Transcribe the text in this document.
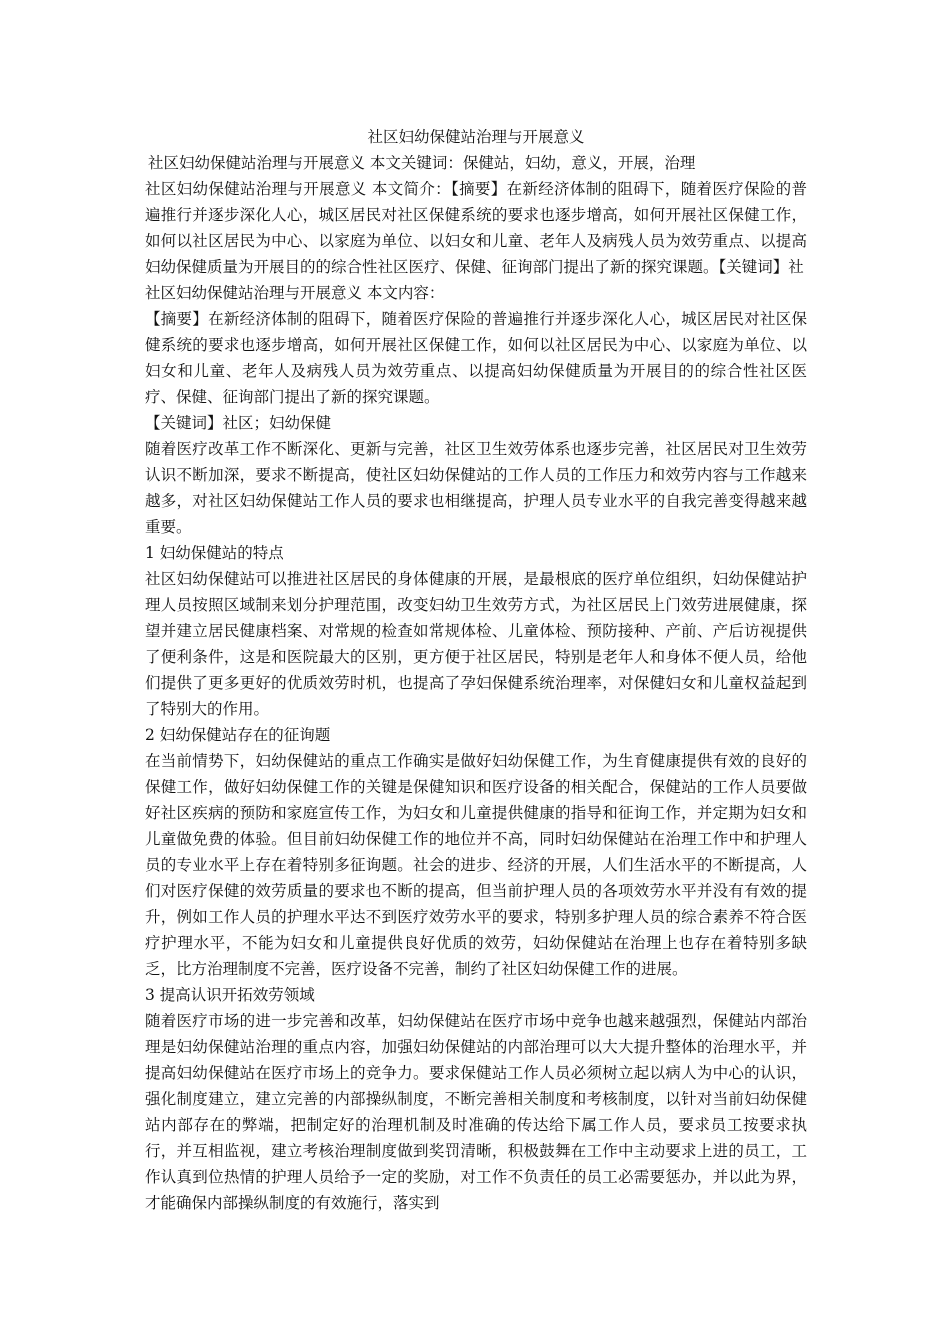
社区妇幼保健站治理与开展意义

社区妇幼保健站治理与开展意义 本文关键词：保健站，妇幼，意义，开展，治理

社区妇幼保健站治理与开展意义 本文简介：【摘要】在新经济体制的阻碍下，随着医疗保险的普遍推行并逐步深化人心，城区居民对社区保健系统的要求也逐步增高，如何开展社区保健工作，如何以社区居民为中心、以家庭为单位、以妇女和儿童、老年人及病残人员为效劳重点、以提高妇幼保健质量为开展目的的综合性社区医疗、保健、征询部门提出了新的探究课题。【关键词】社

社区妇幼保健站治理与开展意义 本文内容：

【摘要】在新经济体制的阻碍下，随着医疗保险的普遍推行并逐步深化人心，城区居民对社区保健系统的要求也逐步增高，如何开展社区保健工作，如何以社区居民为中心、以家庭为单位、以妇女和儿童、老年人及病残人员为效劳重点、以提高妇幼保健质量为开展目的的综合性社区医疗、保健、征询部门提出了新的探究课题。

【关键词】社区；妇幼保健

随着医疗改革工作不断深化、更新与完善，社区卫生效劳体系也逐步完善，社区居民对卫生效劳认识不断加深，要求不断提高，使社区妇幼保健站的工作人员的工作压力和效劳内容与工作越来越多，对社区妇幼保健站工作人员的要求也相继提高，护理人员专业水平的自我完善变得越来越重要。

1 妇幼保健站的特点

社区妇幼保健站可以推进社区居民的身体健康的开展，是最根底的医疗单位组织，妇幼保健站护理人员按照区域制来划分护理范围，改变妇幼卫生效劳方式，为社区居民上门效劳进展健康，探望并建立居民健康档案、对常规的检查如常规体检、儿童体检、预防接种、产前、产后访视提供了便利条件，这是和医院最大的区别，更方便于社区居民，特别是老年人和身体不便人员，给他们提供了更多更好的优质效劳时机，也提高了孕妇保健系统治理率，对保健妇女和儿童权益起到了特别大的作用。

2 妇幼保健站存在的征询题

在当前情势下，妇幼保健站的重点工作确实是做好妇幼保健工作，为生育健康提供有效的良好的保健工作，做好妇幼保健工作的关键是保健知识和医疗设备的相关配合，保健站的工作人员要做好社区疾病的预防和家庭宣传工作，为妇女和儿童提供健康的指导和征询工作，并定期为妇女和儿童做免费的体验。但目前妇幼保健工作的地位并不高，同时妇幼保健站在治理工作中和护理人员的专业水平上存在着特别多征询题。社会的进步、经济的开展，人们生活水平的不断提高，人们对医疗保健的效劳质量的要求也不断的提高，但当前护理人员的各项效劳水平并没有有效的提升，例如工作人员的护理水平达不到医疗效劳水平的要求，特别多护理人员的综合素养不符合医疗护理水平，不能为妇女和儿童提供良好优质的效劳，妇幼保健站在治理上也存在着特别多缺乏，比方治理制度不完善，医疗设备不完善，制约了社区妇幼保健工作的进展。

3 提高认识开拓效劳领域

随着医疗市场的进一步完善和改革，妇幼保健站在医疗市场中竞争也越来越强烈，保健站内部治理是妇幼保健站治理的重点内容，加强妇幼保健站的内部治理可以大大提升整体的治理水平，并提高妇幼保健站在医疗市场上的竞争力。要求保健站工作人员必须树立起以病人为中心的认识，强化制度建立，建立完善的内部操纵制度，不断完善相关制度和考核制度，以针对当前妇幼保健站内部存在的弊端，把制定好的治理机制及时准确的传达给下属工作人员，要求员工按要求执行，并互相监视，建立考核治理制度做到奖罚清晰，积极鼓舞在工作中主动要求上进的员工，工作认真到位热情的护理人员给予一定的奖励，对工作不负责任的员工必需要惩办，并以此为界，才能确保内部操纵制度的有效施行，落实到
